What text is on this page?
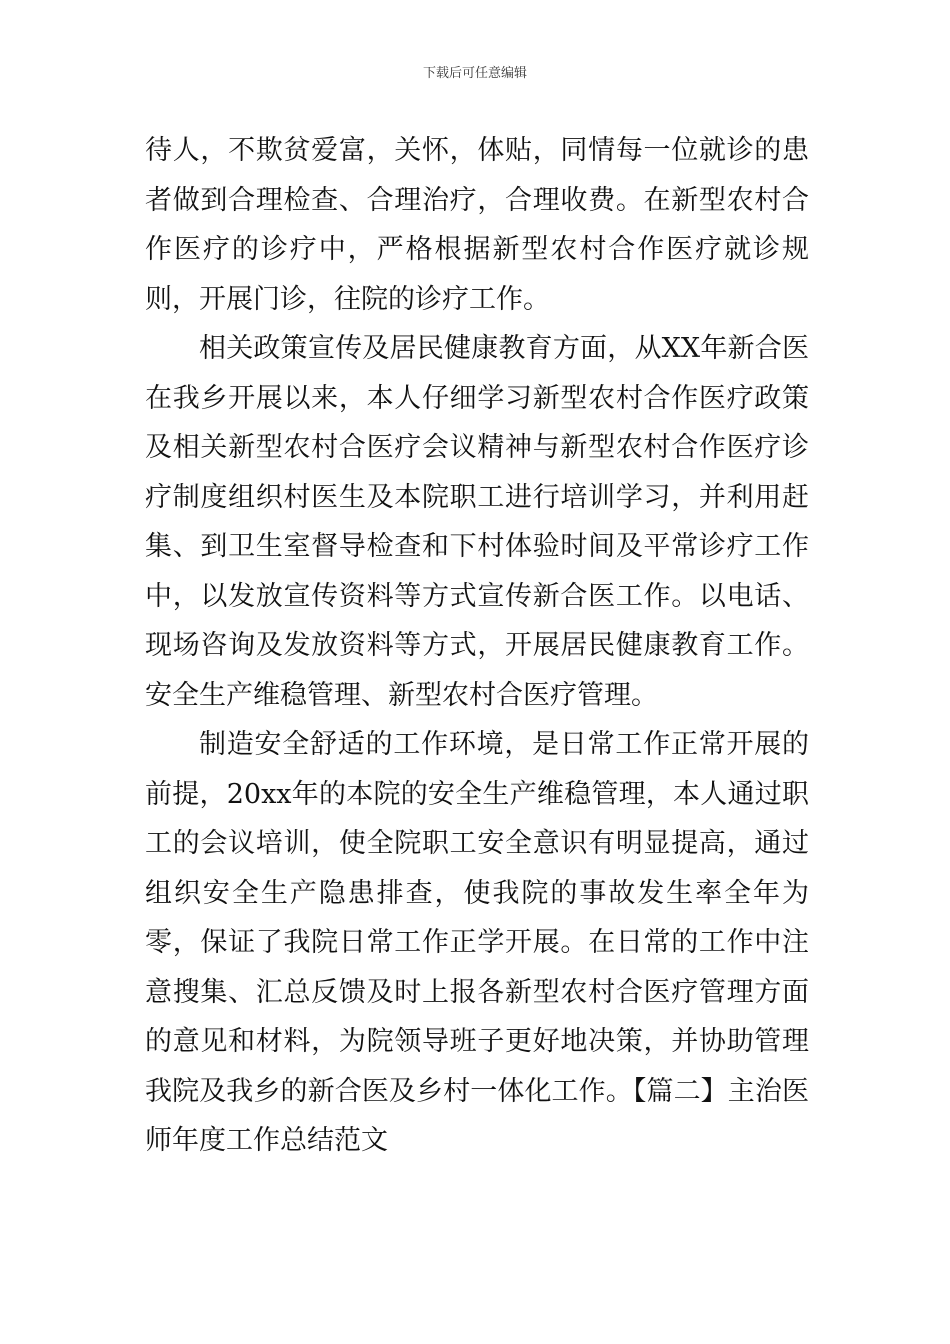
下载后可任意编辑

待人，不欺贫爱富，关怀，体贴，同情每一位就诊的患者做到合理检查、合理治疗，合理收费。在新型农村合作医疗的诊疗中，严格根据新型农村合作医疗就诊规则，开展门诊，往院的诊疗工作。

相关政策宣传及居民健康教育方面，从XX年新合医在我乡开展以来，本人仔细学习新型农村合作医疗政策及相关新型农村合医疗会议精神与新型农村合作医疗诊疗制度组织村医生及本院职工进行培训学习，并利用赶集、到卫生室督导检查和下村体验时间及平常诊疗工作中，以发放宣传资料等方式宣传新合医工作。以电话、现场咨询及发放资料等方式，开展居民健康教育工作。安全生产维稳管理、新型农村合医疗管理。

制造安全舒适的工作环境，是日常工作正常开展的前提，20xx年的本院的安全生产维稳管理，本人通过职工的会议培训，使全院职工安全意识有明显提高，通过组织安全生产隐患排查，使我院的事故发生率全年为零，保证了我院日常工作正学开展。在日常的工作中注意搜集、汇总反馈及时上报各新型农村合医疗管理方面的意见和材料，为院领导班子更好地决策，并协助管理我院及我乡的新合医及乡村一体化工作。【篇二】主治医师年度工作总结范文
